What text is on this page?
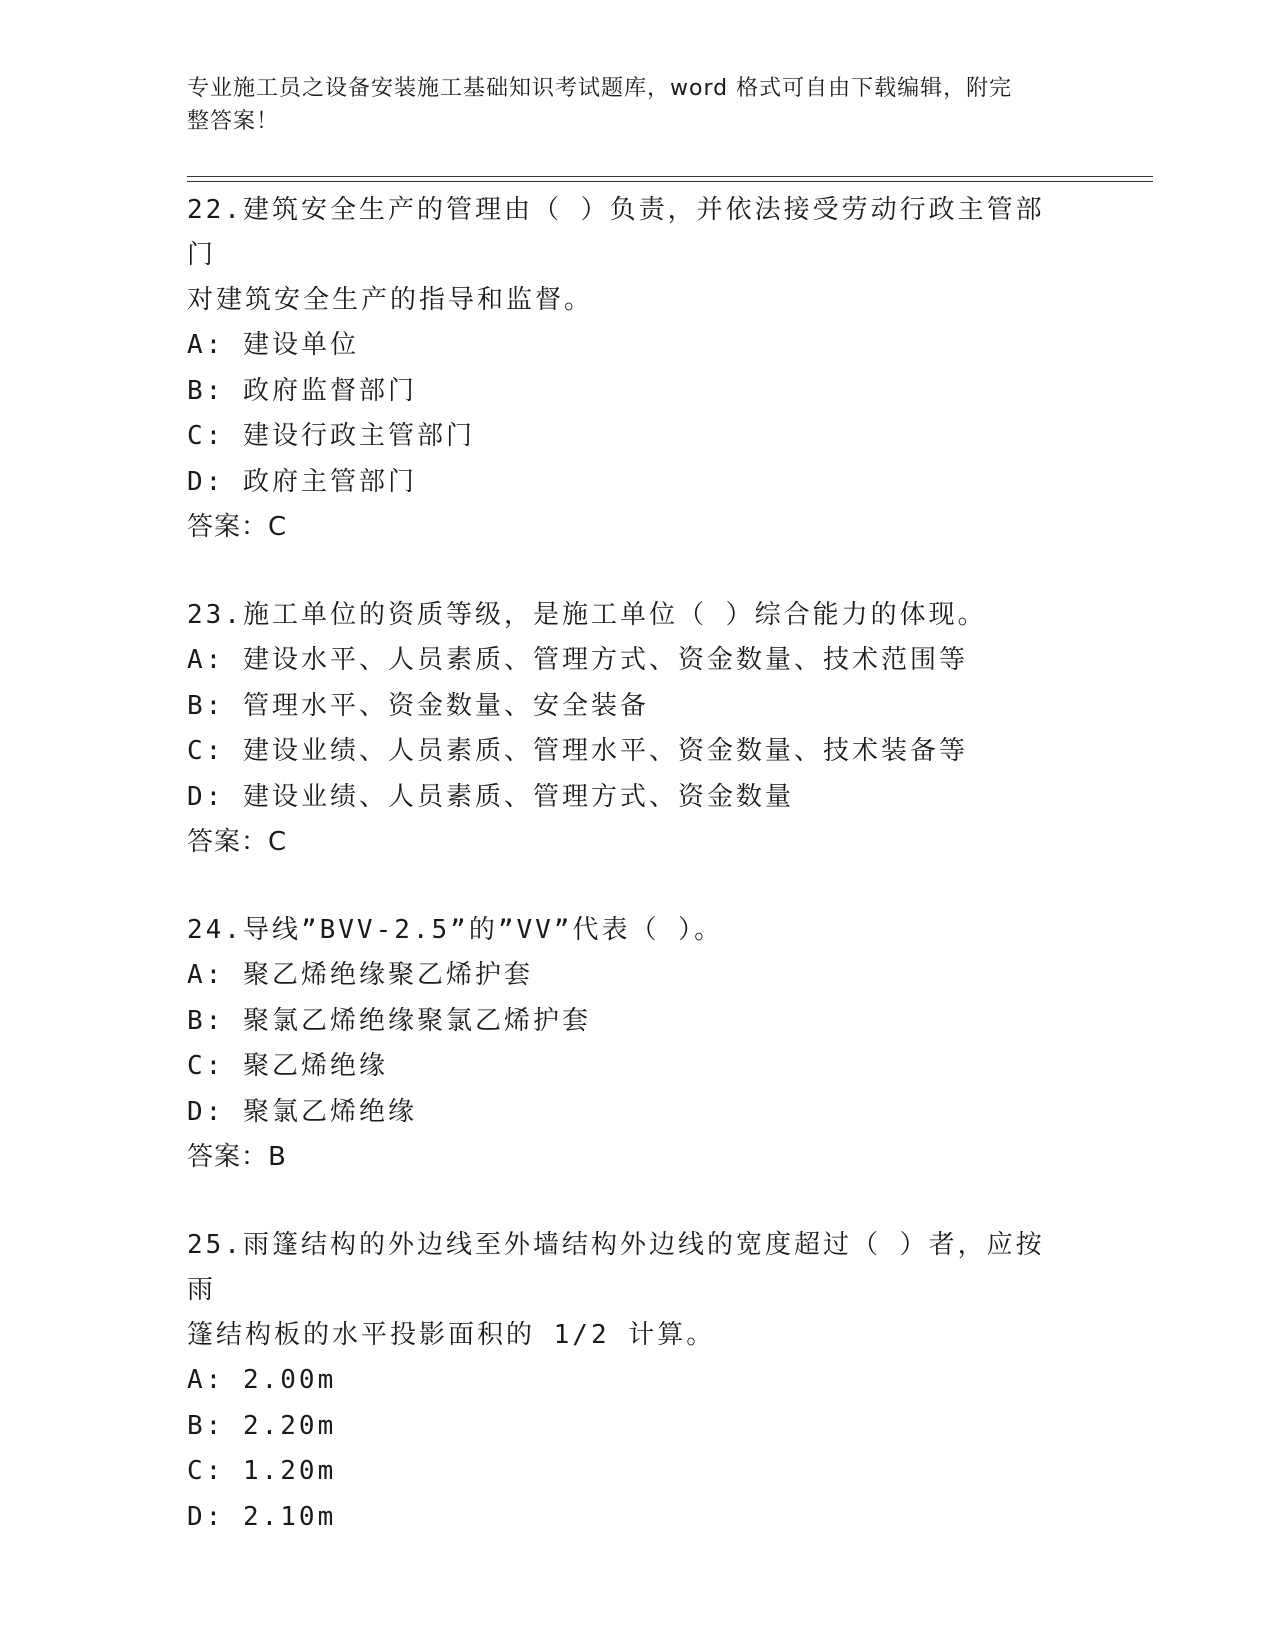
专业施工员之设备安装施工基础知识考试题库，word 格式可自由下载编辑，附完
整答案！
22.建筑安全生产的管理由（ ）负责，并依法接受劳动行政主管部门
对建筑安全生产的指导和监督。
A: 建设单位
B: 政府监督部门
C: 建设行政主管部门
D: 政府主管部门
答案：C
23.施工单位的资质等级，是施工单位（ ）综合能力的体现。
A: 建设水平、人员素质、管理方式、资金数量、技术范围等
B: 管理水平、资金数量、安全装备
C: 建设业绩、人员素质、管理水平、资金数量、技术装备等
D: 建设业绩、人员素质、管理方式、资金数量
答案：C
24.导线”BVV-2.5”的”VV”代表（ ）。
A: 聚乙烯绝缘聚乙烯护套
B: 聚氯乙烯绝缘聚氯乙烯护套
C: 聚乙烯绝缘
D: 聚氯乙烯绝缘
答案：B
25.雨篷结构的外边线至外墙结构外边线的宽度超过（ ）者，应按雨
篷结构板的水平投影面积的 1/2 计算。
A: 2.00m
B: 2.20m
C: 1.20m
D: 2.10m
